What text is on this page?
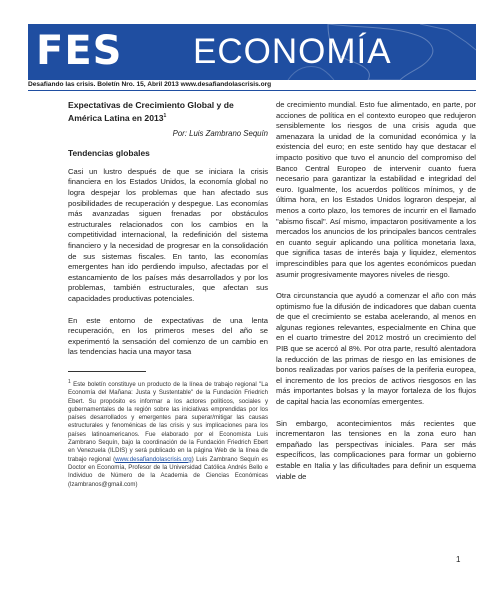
FES ECONOMÍA
Desafiando las crisis. Boletín Nro. 15, Abril 2013 www.desafiandolascrisis.org
Expectativas de Crecimiento Global y de América Latina en 2013$^1$
Por: Luis Zambrano Sequín
Tendencias globales

Casi un lustro después de que se iniciara la crisis financiera en los Estados Unidos, la economía global no logra despejar los problemas que han afectado sus posibilidades de recuperación y despegue. Las economías más avanzadas siguen frenadas por obstáculos estructurales relacionados con los cambios en la competitividad internacional, la redefinición del sistema financiero y la necesidad de progresar en la consolidación de sus sistemas fiscales. En tanto, las economías emergentes han ido perdiendo impulso, afectadas por el estancamiento de los países más desarrollados y por los problemas, también estructurales, que afectan sus capacidades productivas potenciales.

En este entorno de expectativas de una lenta recuperación, en los primeros meses del año se experimentó la sensación del comienzo de un cambio en las tendencias hacia una mayor tasa

$^1$ Este boletín constituye un producto de la línea de trabajo regional "La Economía del Mañana: Justa y Sustentable" de la Fundación Friedrich Ebert. Su propósito es informar a los actores políticos, sociales y gubernamentales de la región sobre las iniciativas emprendidas por los países desarrollados y emergentes para superar/mitigar las causas estructurales y fenoménicas de las crisis y sus implicaciones para los países latinoamericanos. Fue elaborado por el Economista Luis Zambrano Sequín, bajo la coordinación de la Fundación Friedrich Ebert en Venezuela (ILDIS) y será publicado en la página Web de la línea de trabajo regional (www.desafiandolascrisis.org) Luis Zambrano Sequín es Doctor en Economía, Profesor de la Universidad Católica Andrés Bello e Individuo de Número de la Academia de Ciencias Económicas (lzambranos@gmail.com)

de crecimiento mundial. Esto fue alimentado, en parte, por acciones de política en el contexto europeo que redujeron sensiblemente los riesgos de una crisis aguda que amenazara la unidad de la comunidad económica y la existencia del euro; en este sentido hay que destacar el impacto positivo que tuvo el anuncio del compromiso del Banco Central Europeo de intervenir cuanto fuera necesario para garantizar la estabilidad e integridad del euro. Igualmente, los acuerdos políticos mínimos, y de última hora, en los Estados Unidos lograron despejar, al menos a corto plazo, los temores de incurrir en el llamado "abismo fiscal". Así mismo, impactaron positivamente a los mercados los anuncios de los principales bancos centrales en cuanto seguir aplicando una política monetaria laxa, que significa tasas de interés baja y liquidez, elementos imprescindibles para que los agentes económicos puedan asumir progresivamente mayores niveles de riesgo.

Otra circunstancia que ayudó a comenzar el año con más optimismo fue la difusión de indicadores que daban cuenta de que el crecimiento se estaba acelerando, al menos en algunas regiones relevantes, especialmente en China que en el cuarto trimestre del 2012 mostró un crecimiento del PIB que se acercó al 8%. Por otra parte, resultó alentadora la reducción de las primas de riesgo en las emisiones de bonos realizadas por varios países de la periferia europea, el incremento de los precios de activos riesgosos en las más importantes bolsas y la mayor fortaleza de los flujos de capital hacia las economías emergentes.

Sin embargo, acontecimientos más recientes que incrementaron las tensiones en la zona euro han empañado las perspectivas iniciales. Para ser más específicos, las complicaciones para formar un gobierno estable en Italia y las dificultades para definir un esquema viable de

1
